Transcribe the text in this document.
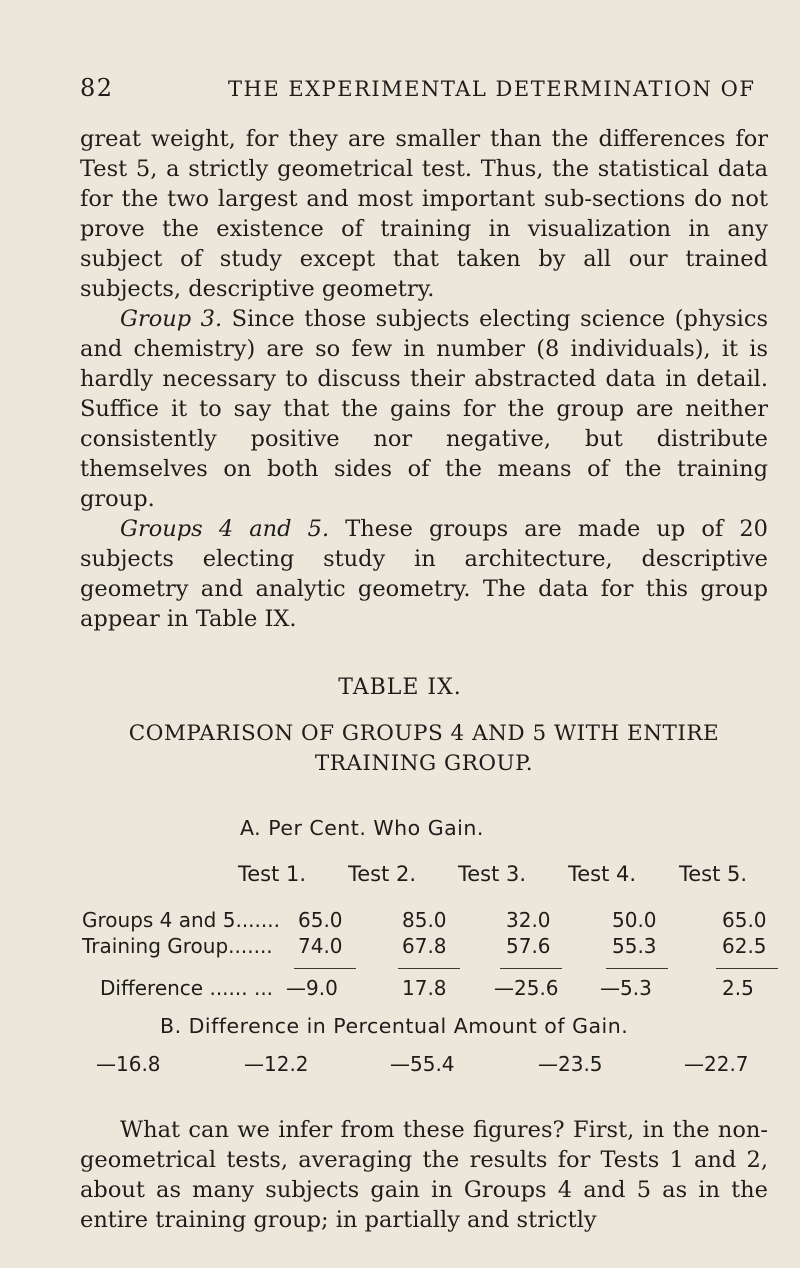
82	THE EXPERIMENTAL DETERMINATION OF

great weight, for they are smaller than the differences for Test 5, a strictly geometrical test. Thus, the statistical data for the two largest and most important sub-sections do not prove the existence of training in visualization in any subject of study except that taken by all our trained subjects, descriptive geometry.

Group 3. Since those subjects electing science (physics and chemistry) are so few in number (8 individuals), it is hardly necessary to discuss their abstracted data in detail. Suffice it to say that the gains for the group are neither consistently positive nor negative, but distribute themselves on both sides of the means of the training group.

Groups 4 and 5. These groups are made up of 20 subjects electing study in architecture, descriptive geometry and analytic geometry. The data for this group appear in Table IX.

TABLE IX.
COMPARISON OF GROUPS 4 AND 5 WITH ENTIRE TRAINING GROUP.
A. Per Cent. Who Gain.
Test 1. Test 2. Test 3. Test 4. Test 5.
Groups 4 and 5....... 65.0	85.0	32.0	50.0	65.0
Training Group....... 74.0	67.8	57.6	55.3	62.5
Difference ...... ... —9.0	17.8 —25.6 —5.3	2.5
B. Difference in Percentual Amount of Gain.
—16.8	—12.2	—55.4	—23.5	—22.7

What can we infer from these figures? First, in the non-geometrical tests, averaging the results for Tests 1 and 2, about as many subjects gain in Groups 4 and 5 as in the entire training group; in partially and strictly
